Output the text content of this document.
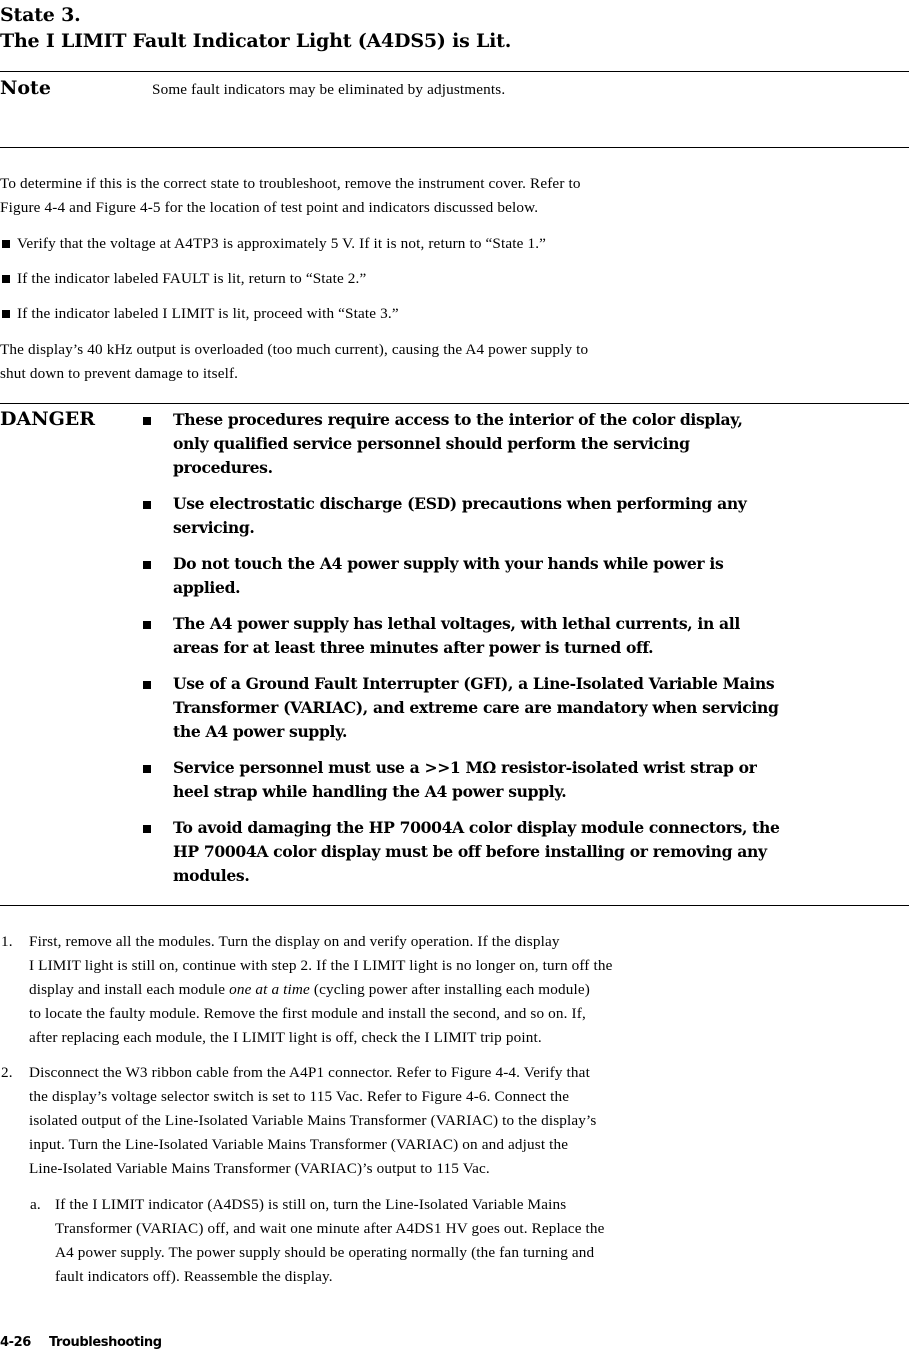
State 3.
The I LIMIT Fault Indicator Light (A4DS5) is Lit.
Note	Some fault indicators may be eliminated by adjustments.
To determine if this is the correct state to troubleshoot, remove the instrument cover. Refer to
Figure 4-4 and Figure 4-5 for the location of test point and indicators discussed below.
Verify that the voltage at A4TP3 is approximately 5 V. If it is not, return to “State 1.”
If the indicator labeled FAULT is lit, return to “State 2.”
If the indicator labeled I LIMIT is lit, proceed with “State 3.”
The display’s 40 kHz output is overloaded (too much current), causing the A4 power supply to
shut down to prevent damage to itself.
DANGER	These procedures require access to the interior of the color display,
only qualified service personnel should perform the servicing
procedures.
Use electrostatic discharge (ESD) precautions when performing any
servicing.
Do not touch the A4 power supply with your hands while power is
applied.
The A4 power supply has lethal voltages, with lethal currents, in all
areas for at least three minutes after power is turned off.
Use of a Ground Fault Interrupter (GFI), a Line-Isolated Variable Mains
Transformer (VARIAC), and extreme care are mandatory when servicing
the A4 power supply.
Service personnel must use a >>1 MΩ resistor-isolated wrist strap or
heel strap while handling the A4 power supply.
To avoid damaging the HP 70004A color display module connectors, the
HP 70004A color display must be off before installing or removing any
modules.
1. First, remove all the modules. Turn the display on and verify operation. If the display
I LIMIT light is still on, continue with step 2. If the I LIMIT light is no longer on, turn off the
display and install each module one at a time (cycling power after installing each module)
to locate the faulty module. Remove the first module and install the second, and so on. If,
after replacing each module, the I LIMIT light is off, check the I LIMIT trip point.
2. Disconnect the W3 ribbon cable from the A4P1 connector. Refer to Figure 4-4. Verify that
the display’s voltage selector switch is set to 115 Vac. Refer to Figure 4-6. Connect the
isolated output of the Line-Isolated Variable Mains Transformer (VARIAC) to the display’s
input. Turn the Line-Isolated Variable Mains Transformer (VARIAC) on and adjust the
Line-Isolated Variable Mains Transformer (VARIAC)’s output to 115 Vac.
a. If the I LIMIT indicator (A4DS5) is still on, turn the Line-Isolated Variable Mains
Transformer (VARIAC) off, and wait one minute after A4DS1 HV goes out. Replace the
A4 power supply. The power supply should be operating normally (the fan turning and
fault indicators off). Reassemble the display.
4-26 Troubleshooting
